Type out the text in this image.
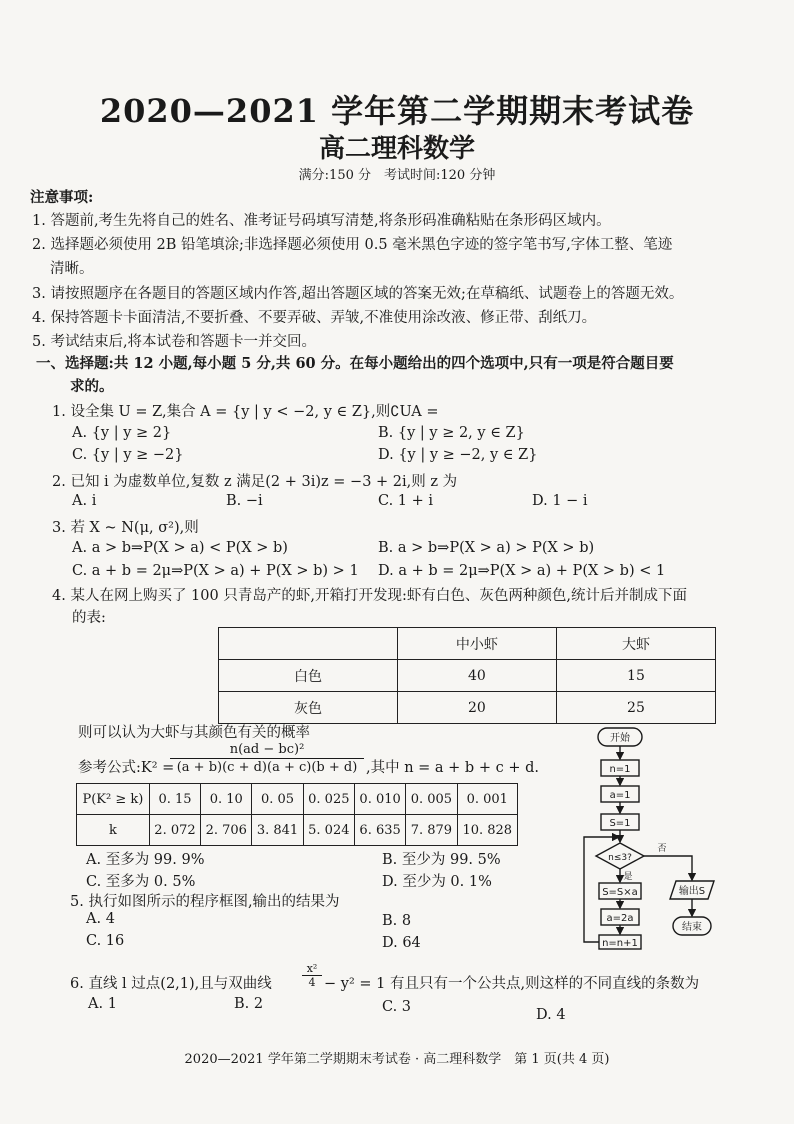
2020—2021 学年第二学期期末考试卷
高二理科数学
满分:150 分　考试时间:120 分钟
注意事项:
1. 答题前,考生先将自己的姓名、准考证号码填写清楚,将条形码准确粘贴在条形码区域内。
2. 选择题必须使用 2B 铅笔填涂;非选择题必须使用 0.5 毫米黑色字迹的签字笔书写,字体工整、笔迹
清晰。
3. 请按照题序在各题目的答题区域内作答,超出答题区域的答案无效;在草稿纸、试题卷上的答题无效。
4. 保持答题卡卡面清洁,不要折叠、不要弄破、弄皱,不准使用涂改液、修正带、刮纸刀。
5. 考试结束后,将本试卷和答题卡一并交回。
一、选择题:共 12 小题,每小题 5 分,共 60 分。在每小题给出的四个选项中,只有一项是符合题目要
求的。
1. 设全集 U = Z,集合 A = {y | y < −2, y ∈ Z},则∁UA =
A. {y | y ≥ 2}	B. {y | y ≥ 2, y ∈ Z}
C. {y | y ≥ −2}	D. {y | y ≥ −2, y ∈ Z}
2. 已知 i 为虚数单位,复数 z 满足(2 + 3i)z = −3 + 2i,则 z 为
A. i	B. −i	C. 1 + i	D. 1 − i
3. 若 X ~ N(μ, σ²),则
A. a > b⇒P(X > a) < P(X > b)	B. a > b⇒P(X > a) > P(X > b)
C. a + b = 2μ⇒P(X > a) + P(X > b) > 1 D. a + b = 2μ⇒P(X > a) + P(X > b) < 1
4. 某人在网上购买了 100 只青岛产的虾,开箱打开发现:虾有白色、灰色两种颜色,统计后并制成下面
的表:
	中小虾	大虾
白色	40	15
灰色	20	25
则可以认为大虾与其颜色有关的概率
参考公式:K² =
$\frac{\text{n(ad − bc)²}}{(a + b)(c + d)(a + c)(b + d)}$ ,其中 n = a + b + c + d.
P(K² ≥ k)	0. 15	0. 10	0. 05	0. 025	0. 010	0. 005	0. 001
k	2. 072	2. 706	3. 841	5. 024	6. 635	7. 879	10. 828
A. 至多为 99. 9%	B. 至少为 99. 5%
C. 至多为 0. 5%	D. 至少为 0. 1%
5. 执行如图所示的程序框图,输出的结果为
A. 4	B. 8
C. 16	D. 64
开始
n=1
a=1
S=1
n≤3?
是
否
S=S×a
a=2a
n=n+1
输出S
结束
6. 直线 l 过点(2,1),且与双曲线	$\frac{\text{x²}}{4} - y^2 = 1$ 有且只有一个公共点,则这样的不同直线的条数为
A. 1	B. 2	C. 3	D. 4
2020—2021 学年第二学期期末考试卷 · 高二理科数学　第 1 页(共 4 页)
